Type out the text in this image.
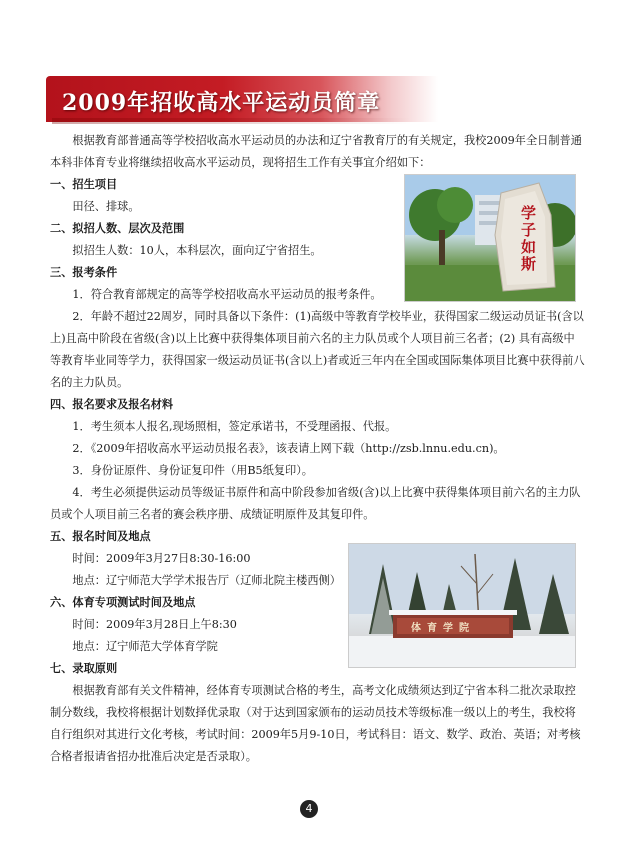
2009年招收高水平运动员简章

根据教育部普通高等学校招收高水平运动员的办法和辽宁省教育厅的有关规定，我校2009年全日制普通本科非体育专业将继续招收高水平运动员，现将招生工作有关事宜介绍如下：

一、招生项目

田径、排球。

二、拟招人数、层次及范围

拟招生人数：10人，本科层次，面向辽宁省招生。

三、报考条件

1．符合教育部规定的高等学校招收高水平运动员的报考条件。

2．年龄不超过22周岁，同时具备以下条件：(1)高级中等教育学校毕业，获得国家二级运动员证书(含以上)且高中阶段在省级(含)以上比赛中获得集体项目前六名的主力队员或个人项目前三名者；(2) 具有高级中等教育毕业同等学力，获得国家一级运动员证书(含以上)者或近三年内在全国或国际集体项目比赛中获得前八名的主力队员。

四、报名要求及报名材料

1．考生须本人报名,现场照相，签定承诺书，不受理函报、代报。

2．《2009年招收高水平运动员报名表》，该表请上网下载（http://zsb.lnnu.edu.cn)。

3．身份证原件、身份证复印件（用B5纸复印）。

4．考生必须提供运动员等级证书原件和高中阶段参加省级(含)以上比赛中获得集体项目前六名的主力队员或个人项目前三名者的赛会秩序册、成绩证明原件及其复印件。

五、报名时间及地点

时间：2009年3月27日8:30-16:00

地点：辽宁师范大学学术报告厅（辽师北院主楼西侧）

六、体育专项测试时间及地点

时间：2009年3月28日上午8:30

地点：辽宁师范大学体育学院

七、录取原则

根据教育部有关文件精神，经体育专项测试合格的考生，高考文化成绩须达到辽宁省本科二批次录取控制分数线，我校将根据计划数择优录取（对于达到国家颁布的运动员技术等级标准一级以上的考生，我校将自行组织对其进行文化考核，考试时间：2009年5月9-10日，考试科目：语文、数学、政治、英语；对考核合格者报请省招办批准后决定是否录取）。

学子如斯
体育学院
4
